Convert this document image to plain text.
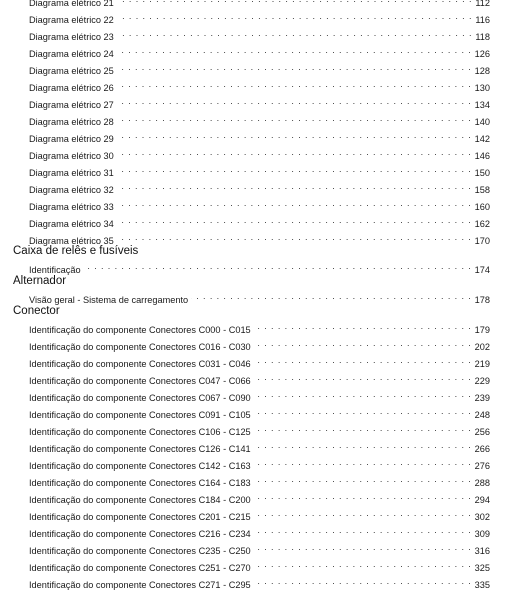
Diagrama elétrico 21 . . .	112
Diagrama elétrico 22 . . .	116
Diagrama elétrico 23 . . .	118
Diagrama elétrico 24 . . .	126
Diagrama elétrico 25 . . .	128
Diagrama elétrico 26 . . .	130
Diagrama elétrico 27 . . .	134
Diagrama elétrico 28 . . .	140
Diagrama elétrico 29 . . .	142
Diagrama elétrico 30 . . .	146
Diagrama elétrico 31 . . .	150
Diagrama elétrico 32 . . .	158
Diagrama elétrico 33 . . .	160
Diagrama elétrico 34 . . .	162
Diagrama elétrico 35 . . .	170
Caixa de relês e fusíveis
Identificação . . .	174
Alternador
Visão geral - Sistema de carregamento . . .	178
Conector
Identificação do componente Conectores C000 - C015 . . .	179
Identificação do componente Conectores C016 - C030 . . .	202
Identificação do componente Conectores C031 - C046 . . .	219
Identificação do componente Conectores C047 - C066 . . .	229
Identificação do componente Conectores C067 - C090 . . .	239
Identificação do componente Conectores C091 - C105 . . .	248
Identificação do componente Conectores C106 - C125 . . .	256
Identificação do componente Conectores C126 - C141 . . .	266
Identificação do componente Conectores C142 - C163 . . .	276
Identificação do componente Conectores C164 - C183 . . .	288
Identificação do componente Conectores C184 - C200 . . .	294
Identificação do componente Conectores C201 - C215 . . .	302
Identificação do componente Conectores C216 - C234 . . .	309
Identificação do componente Conectores C235 - C250 . . .	316
Identificação do componente Conectores C251 - C270 . . .	325
Identificação do componente Conectores C271 - C295 . . .	335
